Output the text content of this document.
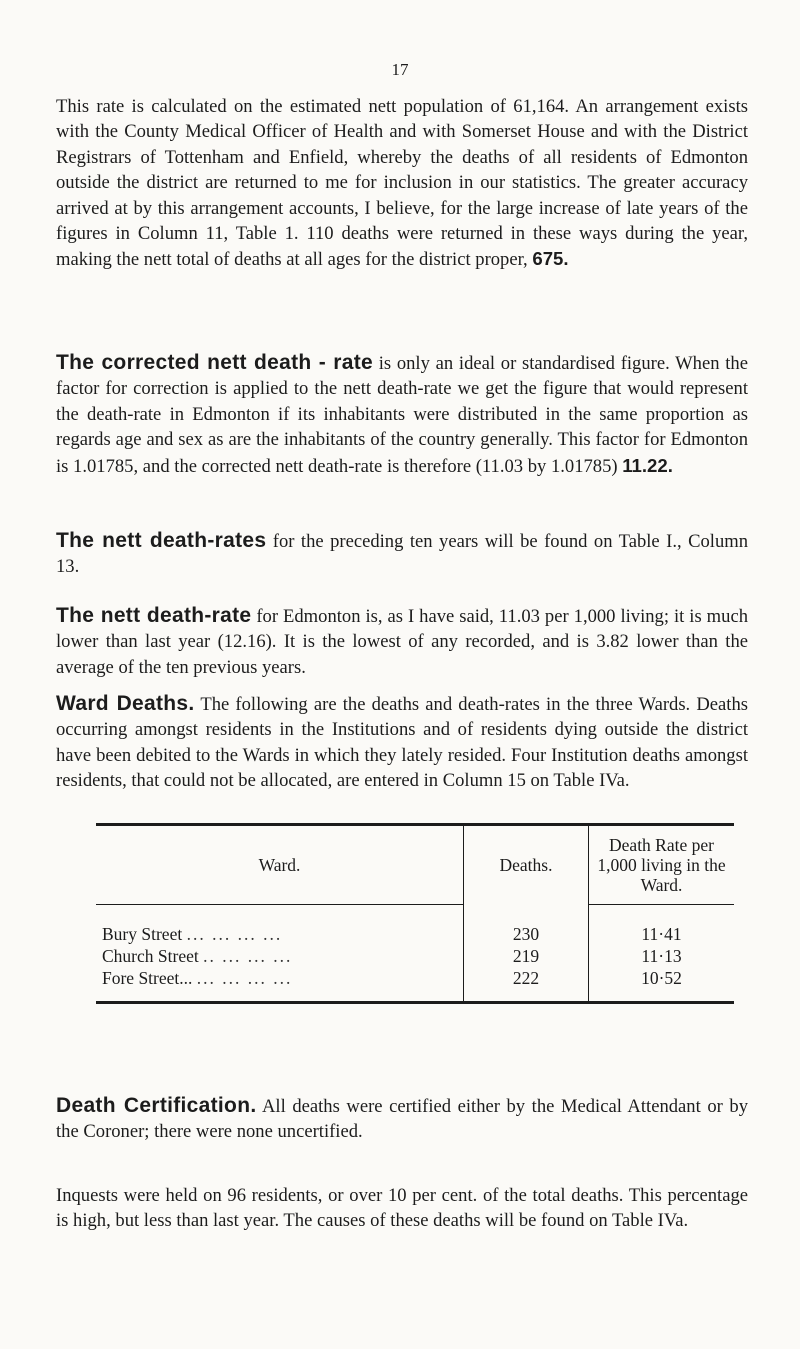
17

This rate is calculated on the estimated nett population of 61,164. An arrangement exists with the County Medical Officer of Health and with Somerset House and with the District Registrars of Tottenham and Enfield, whereby the deaths of all residents of Edmonton outside the district are returned to me for inclusion in our statistics. The greater accuracy arrived at by this arrangement accounts, I believe, for the large increase of late years of the figures in Column 11, Table 1. 110 deaths were returned in these ways during the year, making the nett total of deaths at all ages for the district proper, 675.

The corrected nett death - rate is only an ideal or standardised figure. When the factor for correction is applied to the nett death-rate we get the figure that would represent the death-rate in Edmonton if its inhabitants were distributed in the same proportion as regards age and sex as are the inhabitants of the country generally. This factor for Edmonton is 1.01785, and the corrected nett death-rate is therefore (11.03 by 1.01785) 11.22.

The nett death-rates for the preceding ten years will be found on Table I., Column 13.

The nett death-rate for Edmonton is, as I have said, 11.03 per 1,000 living; it is much lower than last year (12.16). It is the lowest of any recorded, and is 3.82 lower than the average of the ten previous years.

Ward Deaths. The following are the deaths and death-rates in the three Wards. Deaths occurring amongst residents in the Institutions and of residents dying outside the district have been debited to the Wards in which they lately resided. Four Institution deaths amongst residents, that could not be allocated, are entered in Column 15 on Table IVa.

Ward.	Deaths.	Death Rate per 1,000 living in the Ward.
Bury Street ... ... ... ...	230	11·41
Church Street .. ... ... ...	219	11·13
Fore Street... ... ... ... ...	222	10·52

Death Certification. All deaths were certified either by the Medical Attendant or by the Coroner; there were none uncertified.

Inquests were held on 96 residents, or over 10 per cent. of the total deaths. This percentage is high, but less than last year. The causes of these deaths will be found on Table IVa.
